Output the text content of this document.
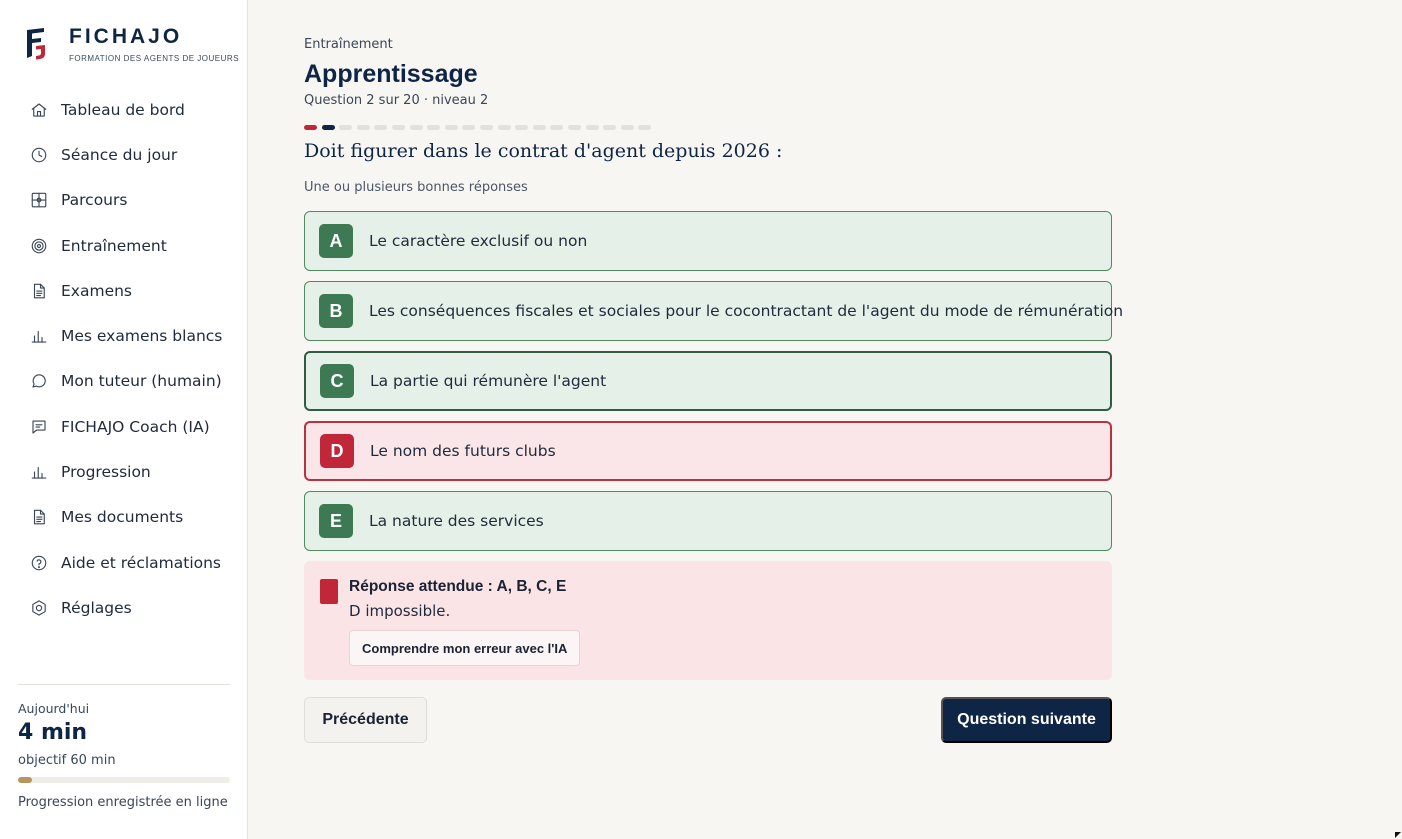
FICHAJO
FORMATION DES AGENTS DE JOUEURS
Tableau de bord
Séance du jour
Parcours
Entraînement
Examens
Mes examens blancs
Mon tuteur (humain)
FICHAJO Coach (IA)
Progression
Mes documents
Aide et réclamations
Réglages
Aujourd'hui
4 min
objectif 60 min
Progression enregistrée en ligne
Entraînement
Apprentissage
Question 2 sur 20 · niveau 2
Doit figurer dans le contrat d'agent depuis 2026 :
Une ou plusieurs bonnes réponses
A	Le caractère exclusif ou non
B	Les conséquences fiscales et sociales pour le cocontractant de l'agent du mode de rémunération
C	La partie qui rémunère l'agent
D	Le nom des futurs clubs
E	La nature des services
Réponse attendue : A, B, C, E
D impossible.
Comprendre mon erreur avec l'IA
Précédente	Question suivante
